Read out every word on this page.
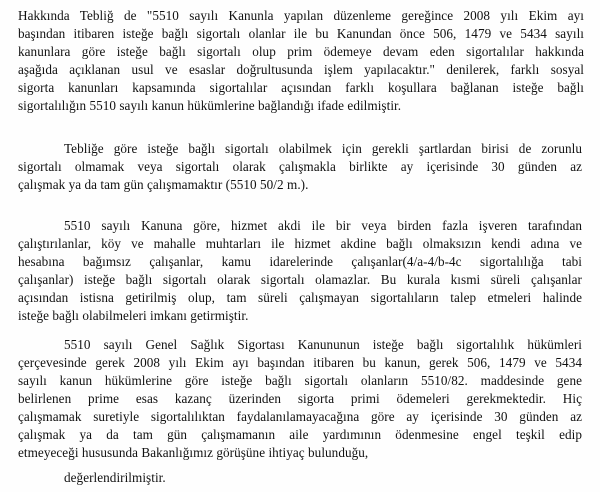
Hakkında Tebliğ de "5510 sayılı Kanunla yapılan düzenleme gereğince 2008 yılı Ekim ayı
başından itibaren isteğe bağlı sigortalı olanlar ile bu Kanundan önce 506, 1479 ve 5434 sayılı
kanunlara göre isteğe bağlı sigortalı olup prim ödemeye devam eden sigortalılar hakkında
aşağıda açıklanan usul ve esaslar doğrultusunda işlem yapılacaktır." denilerek, farklı sosyal
sigorta kanunları kapsamında sigortalılar açısından farklı koşullara bağlanan isteğe bağlı
sigortalılığın 5510 sayılı kanun hükümlerine bağlandığı ifade edilmiştir.
Tebliğe göre isteğe bağlı sigortalı olabilmek için gerekli şartlardan birisi de zorunlu
sigortalı olmamak veya sigortalı olarak çalışmakla birlikte ay içerisinde 30 günden az
çalışmak ya da tam gün çalışmamaktır (5510 50/2 m.).
5510 sayılı Kanuna göre, hizmet akdi ile bir veya birden fazla işveren tarafından
çalıştırılanlar, köy ve mahalle muhtarları ile hizmet akdine bağlı olmaksızın kendi adına ve
hesabına bağımsız çalışanlar, kamu idarelerinde çalışanlar(4/a-4/b-4c sigortalılığa tabi
çalışanlar) isteğe bağlı sigortalı olarak sigortalı olamazlar. Bu kurala kısmi süreli çalışanlar
açısından istisna getirilmiş olup, tam süreli çalışmayan sigortalıların talep etmeleri halinde
isteğe bağlı olabilmeleri imkanı getirmiştir.
5510 sayılı Genel Sağlık Sigortası Kanununun isteğe bağlı sigortalılık hükümleri
çerçevesinde gerek 2008 yılı Ekim ayı başından itibaren bu kanun, gerek 506, 1479 ve 5434
sayılı kanun hükümlerine göre isteğe bağlı sigortalı olanların 5510/82. maddesinde gene
belirlenen prime esas kazanç üzerinden sigorta primi ödemeleri gerekmektedir. Hiç
çalışmamak suretiyle sigortalılıktan faydalanılamayacağına göre ay içerisinde 30 günden az
çalışmak ya da tam gün çalışmamanın aile yardımının ödenmesine engel teşkil edip
etmeyeceği hususunda Bakanlığımız görüşüne ihtiyaç bulunduğu,
değerlendirilmiştir.
